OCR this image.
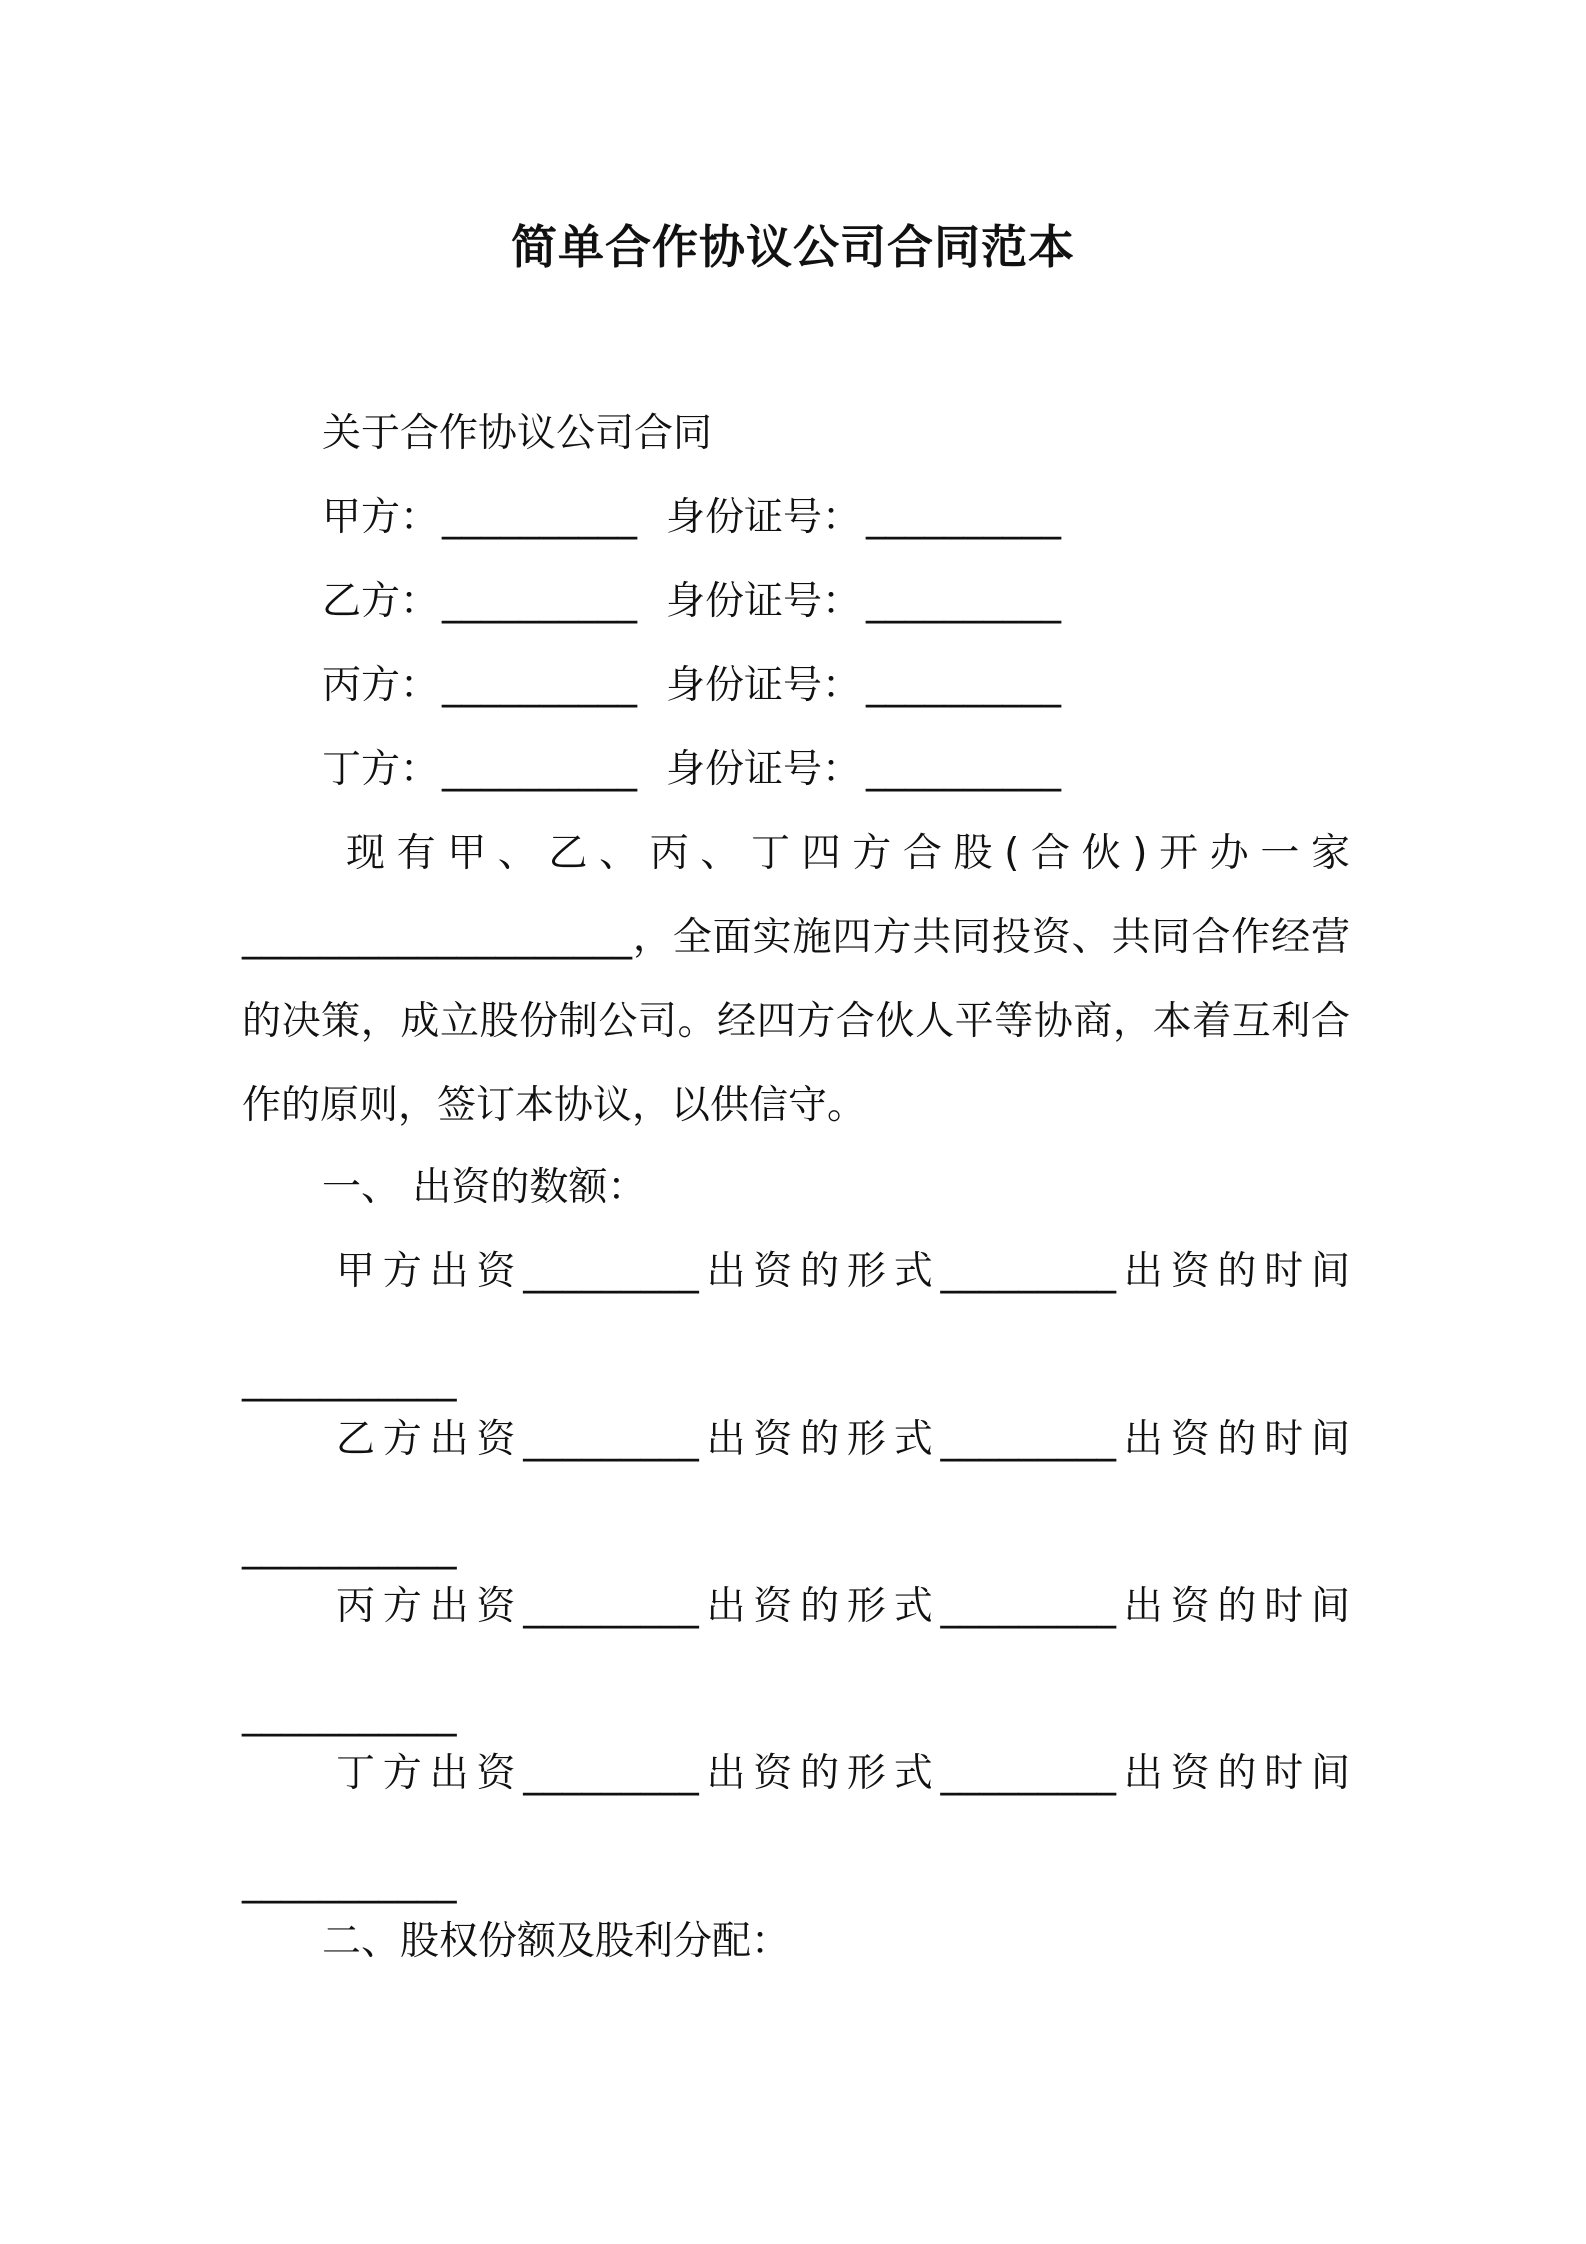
简单合作协议公司合同范本
关于合作协议公司合同
甲方： __________ 身份证号： __________
乙方： __________ 身份证号： __________
丙方： __________ 身份证号： __________
丁方： __________ 身份证号： __________
现有甲、乙、丙、丁四方合股(合伙)开办一家
____________________，全面实施四方共同投资、共同合作经营
的决策，成立股份制公司。经四方合伙人平等协商，本着互利合
作的原则，签订本协议，以供信守。
一、 出资的数额：
甲方出资_________出资的形式_________出资的时间
___________
乙方出资_________出资的形式_________出资的时间
___________
丙方出资_________出资的形式_________出资的时间
___________
丁方出资_________出资的形式_________出资的时间
___________
二、股权份额及股利分配：
